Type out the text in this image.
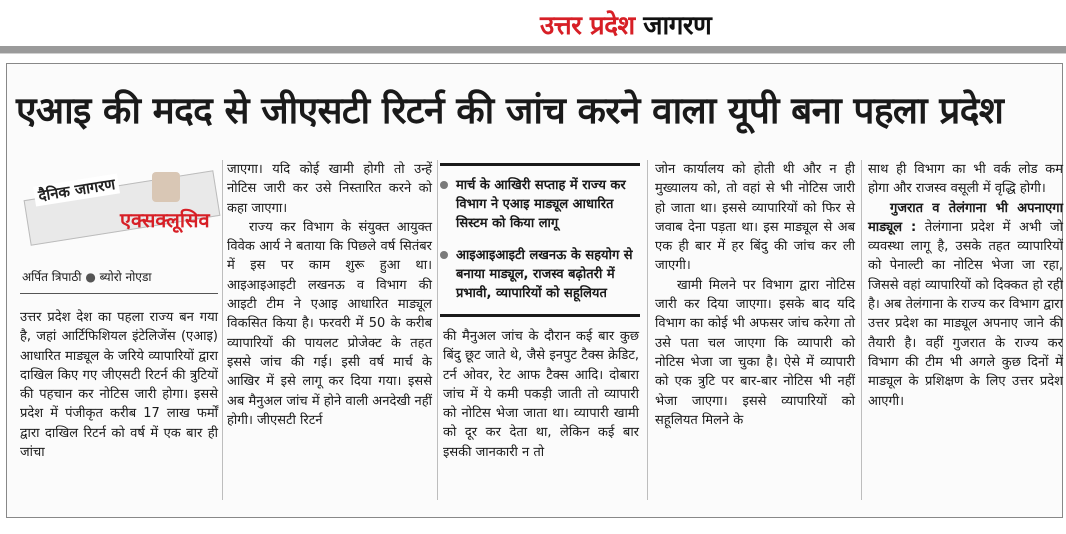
उत्तर प्रदेश जागरण
एआइ की मदद से जीएसटी रिटर्न की जांच करने वाला यूपी बना पहला प्रदेश
दैनिक जागरण
एक्सक्लूसिव
अर्पित त्रिपाठी ● ब्योरो नोएडा

उत्तर प्रदेश देश का पहला राज्य बन गया है, जहां आर्टिफिशियल इंटेलिजेंस (एआइ) आधारित माड्यूल के जरिये व्यापारियों द्वारा दाखिल किए गए जीएसटी रिटर्न की त्रुटियों की पहचान कर नोटिस जारी होगा। इससे प्रदेश में पंजीकृत करीब 17 लाख फर्मों द्वारा दाखिल रिटर्न को वर्ष में एक बार ही जांचा

जाएगा। यदि कोई खामी होगी तो उन्हें नोटिस जारी कर उसे निस्तारित करने को कहा जाएगा।

राज्य कर विभाग के संयुक्त आयुक्त विवेक आर्य ने बताया कि पिछले वर्ष सितंबर में इस पर काम शुरू हुआ था। आइआइआइटी लखनऊ व विभाग की आइटी टीम ने एआइ आधारित माड्यूल विकसित किया है। फरवरी में 50 के करीब व्यापारियों की पायलट प्रोजेक्ट के तहत इससे जांच की गई। इसी वर्ष मार्च के आखिर में इसे लागू कर दिया गया। इससे अब मैनुअल जांच में होने वाली अनदेखी नहीं होगी। जीएसटी रिटर्न

मार्च के आखिरी सप्ताह में राज्य कर विभाग ने एआइ माड्यूल आधारित सिस्टम को किया लागू
आइआइआइटी लखनऊ के सहयोग से बनाया माड्यूल, राजस्व बढ़ोतरी में प्रभावी, व्यापारियों को सहूलियत

की मैनुअल जांच के दौरान कई बार कुछ बिंदु छूट जाते थे, जैसे इनपुट टैक्स क्रेडिट, टर्न ओवर, रेट आफ टैक्स आदि। दोबारा जांच में ये कमी पकड़ी जाती तो व्यापारी को नोटिस भेजा जाता था। व्यापारी खामी को दूर कर देता था, लेकिन कई बार इसकी जानकारी न तो

जोन कार्यालय को होती थी और न ही मुख्यालय को, तो वहां से भी नोटिस जारी हो जाता था। इससे व्यापारियों को फिर से जवाब देना पड़ता था। इस माड्यूल से अब एक ही बार में हर बिंदु की जांच कर ली जाएगी।

खामी मिलने पर विभाग द्वारा नोटिस जारी कर दिया जाएगा। इसके बाद यदि विभाग का कोई भी अफसर जांच करेगा तो उसे पता चल जाएगा कि व्यापारी को नोटिस भेजा जा चुका है। ऐसे में व्यापारी को एक त्रुटि पर बार-बार नोटिस भी नहीं भेजा जाएगा। इससे व्यापारियों को सहूलियत मिलने के

साथ ही विभाग का भी वर्क लोड कम होगा और राजस्व वसूली में वृद्धि होगी।

गुजरात व तेलंगाना भी अपनाएगा माड्यूल : तेलंगाना प्रदेश में अभी जो व्यवस्था लागू है, उसके तहत व्यापारियों को पेनाल्टी का नोटिस भेजा जा रहा, जिससे वहां व्यापारियों को दिक्कत हो रही है। अब तेलंगाना के राज्य कर विभाग द्वारा उत्तर प्रदेश का माड्यूल अपनाए जाने की तैयारी है। वहीं गुजरात के राज्य कर विभाग की टीम भी अगले कुछ दिनों में माड्यूल के प्रशिक्षण के लिए उत्तर प्रदेश आएगी।
